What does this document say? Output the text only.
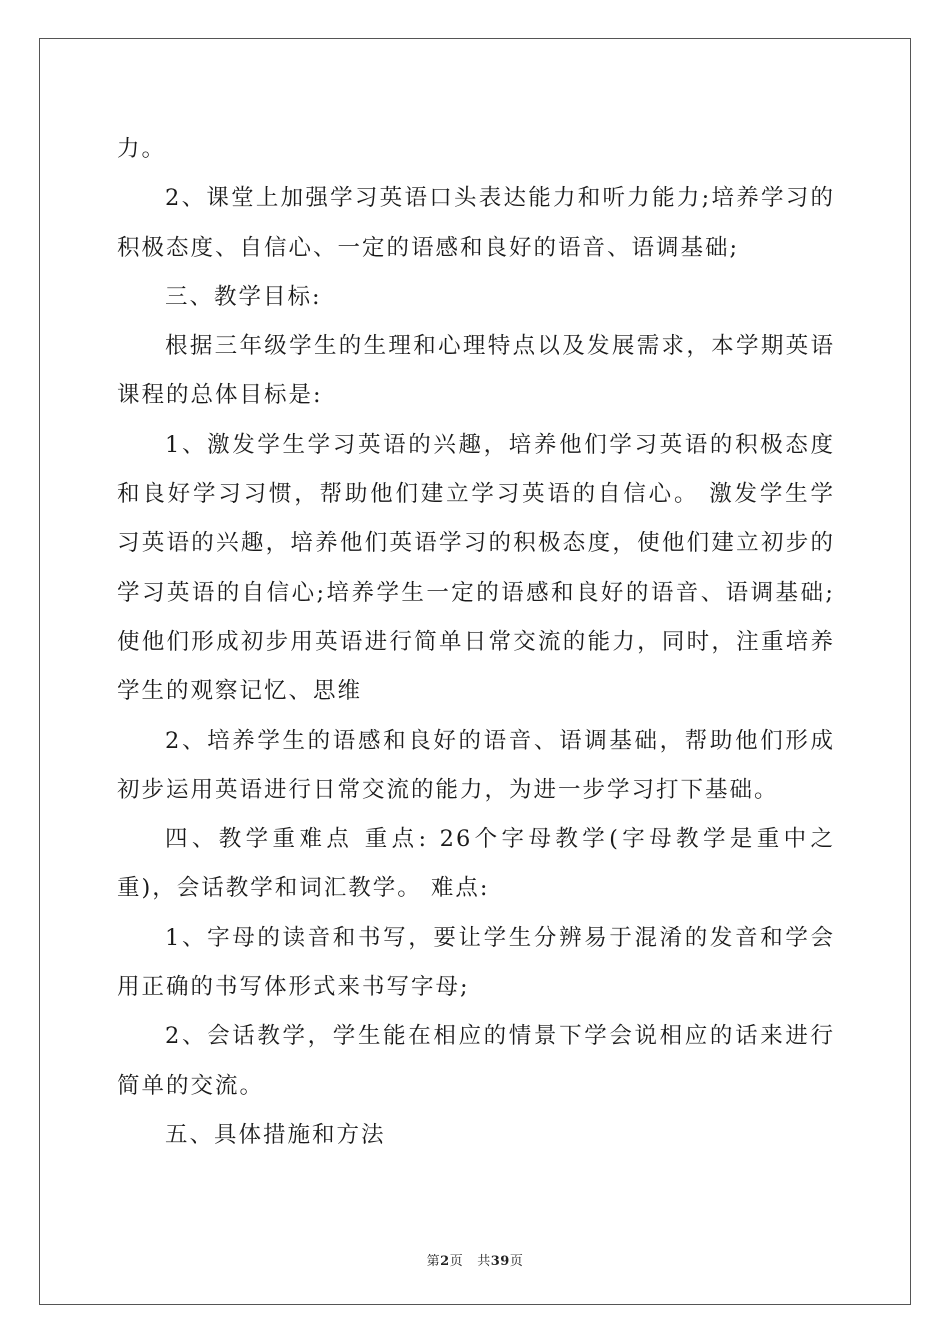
力。

2、课堂上加强学习英语口头表达能力和听力能力;培养学习的积极态度、自信心、一定的语感和良好的语音、语调基础;

三、教学目标:

根据三年级学生的生理和心理特点以及发展需求，本学期英语课程的总体目标是:

1、激发学生学习英语的兴趣，培养他们学习英语的积极态度和良好学习习惯，帮助他们建立学习英语的自信心。 激发学生学习英语的兴趣，培养他们英语学习的积极态度，使他们建立初步的学习英语的自信心;培养学生一定的语感和良好的语音、语调基础;使他们形成初步用英语进行简单日常交流的能力，同时，注重培养学生的观察记忆、思维

2、培养学生的语感和良好的语音、语调基础，帮助他们形成初步运用英语进行日常交流的能力，为进一步学习打下基础。

四、教学重难点 重点: 26个字母教学(字母教学是重中之重)，会话教学和词汇教学。 难点:

1、字母的读音和书写，要让学生分辨易于混淆的发音和学会用正确的书写体形式来书写字母;

2、会话教学，学生能在相应的情景下学会说相应的话来进行简单的交流。

五、具体措施和方法

第2页 共39页
